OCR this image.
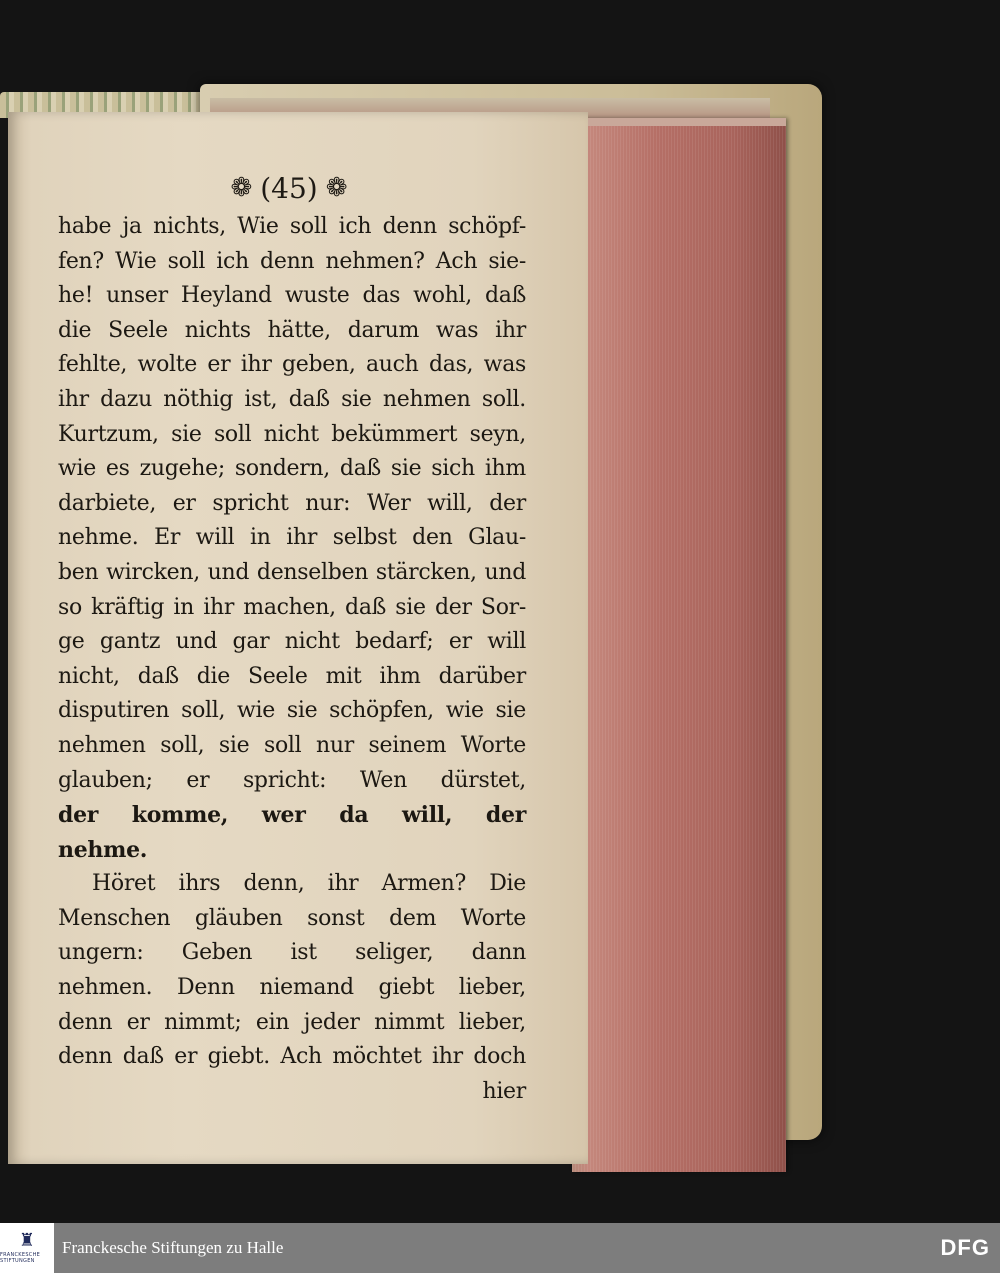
❁ (45) ❁
habe ja nichts, Wie soll ich denn schöpf-
fen? Wie soll ich denn nehmen? Ach sie-
he! unser Heyland wuste das wohl, daß
die Seele nichts hätte, darum was ihr
fehlte, wolte er ihr geben, auch das, was
ihr dazu nöthig ist, daß sie nehmen soll.
Kurtzum, sie soll nicht bekümmert seyn,
wie es zugehe; sondern, daß sie sich ihm
darbiete, er spricht nur: Wer will, der
nehme. Er will in ihr selbst den Glau-
ben wircken, und denselben stärcken, und
so kräftig in ihr machen, daß sie der Sor-
ge gantz und gar nicht bedarf; er will
nicht, daß die Seele mit ihm darüber
disputiren soll, wie sie schöpfen, wie sie
nehmen soll, sie soll nur seinem Worte
glauben; er spricht: Wen dürstet,
der komme, wer da will, der
nehme.
Höret ihrs denn, ihr Armen? Die
Menschen gläuben sonst dem Worte
ungern: Geben ist seliger, dann
nehmen. Denn niemand giebt lieber,
denn er nimmt; ein jeder nimmt lieber,
denn daß er giebt. Ach möchtet ihr doch
hier
♜
FRANCKESCHE STIFTUNGEN
Franckesche Stiftungen zu Halle	DFG
